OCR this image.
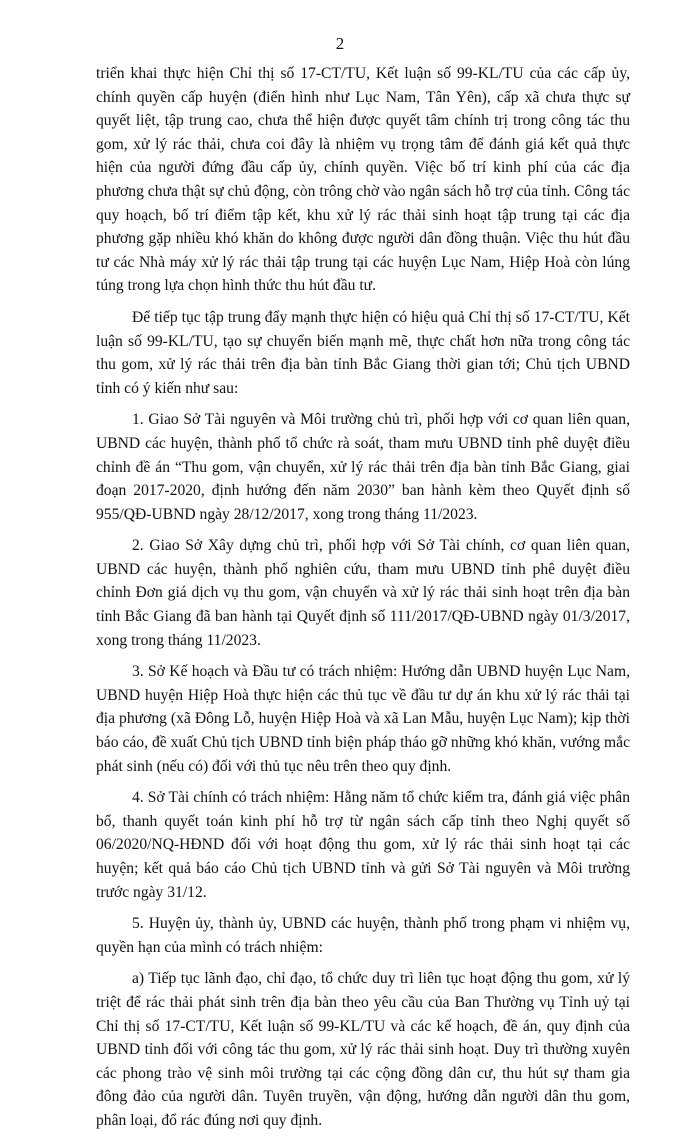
2

triển khai thực hiện Chỉ thị số 17-CT/TU, Kết luận số 99-KL/TU của các cấp ủy, chính quyền cấp huyện (điển hình như Lục Nam, Tân Yên), cấp xã chưa thực sự quyết liệt, tập trung cao, chưa thể hiện được quyết tâm chính trị trong công tác thu gom, xử lý rác thải, chưa coi đây là nhiệm vụ trọng tâm để đánh giá kết quả thực hiện của người đứng đầu cấp ủy, chính quyền. Việc bố trí kinh phí của các địa phương chưa thật sự chủ động, còn trông chờ vào ngân sách hỗ trợ của tỉnh. Công tác quy hoạch, bố trí điểm tập kết, khu xử lý rác thải sinh hoạt tập trung tại các địa phương gặp nhiều khó khăn do không được người dân đồng thuận. Việc thu hút đầu tư các Nhà máy xử lý rác thải tập trung tại các huyện Lục Nam, Hiệp Hoà còn lúng túng trong lựa chọn hình thức thu hút đầu tư.

Để tiếp tục tập trung đẩy mạnh thực hiện có hiệu quả Chỉ thị số 17-CT/TU, Kết luận số 99-KL/TU, tạo sự chuyển biến mạnh mẽ, thực chất hơn nữa trong công tác thu gom, xử lý rác thải trên địa bàn tỉnh Bắc Giang thời gian tới; Chủ tịch UBND tỉnh có ý kiến như sau:

1. Giao Sở Tài nguyên và Môi trường chủ trì, phối hợp với cơ quan liên quan, UBND các huyện, thành phố tổ chức rà soát, tham mưu UBND tỉnh phê duyệt điều chỉnh đề án “Thu gom, vận chuyển, xử lý rác thải trên địa bàn tỉnh Bắc Giang, giai đoạn 2017-2020, định hướng đến năm 2030” ban hành kèm theo Quyết định số 955/QĐ-UBND ngày 28/12/2017, xong trong tháng 11/2023.

2. Giao Sở Xây dựng chủ trì, phối hợp với Sở Tài chính, cơ quan liên quan, UBND các huyện, thành phố nghiên cứu, tham mưu UBND tỉnh phê duyệt điều chỉnh Đơn giá dịch vụ thu gom, vận chuyển và xử lý rác thải sinh hoạt trên địa bàn tỉnh Bắc Giang đã ban hành tại Quyết định số 111/2017/QĐ-UBND ngày 01/3/2017, xong trong tháng 11/2023.

3. Sở Kế hoạch và Đầu tư có trách nhiệm: Hướng dẫn UBND huyện Lục Nam, UBND huyện Hiệp Hoà thực hiện các thủ tục về đầu tư dự án khu xử lý rác thải tại địa phương (xã Đông Lỗ, huyện Hiệp Hoà và xã Lan Mẫu, huyện Lục Nam); kịp thời báo cáo, đề xuất Chủ tịch UBND tỉnh biện pháp tháo gỡ những khó khăn, vướng mắc phát sinh (nếu có) đối với thủ tục nêu trên theo quy định.

4. Sở Tài chính có trách nhiệm: Hằng năm tổ chức kiểm tra, đánh giá việc phân bổ, thanh quyết toán kinh phí hỗ trợ từ ngân sách cấp tỉnh theo Nghị quyết số 06/2020/NQ-HĐND đối với hoạt động thu gom, xử lý rác thải sinh hoạt tại các huyện; kết quả báo cáo Chủ tịch UBND tỉnh và gửi Sở Tài nguyên và Môi trường trước ngày 31/12.

5. Huyện ủy, thành ủy, UBND các huyện, thành phố trong phạm vi nhiệm vụ, quyền hạn của mình có trách nhiệm:

a) Tiếp tục lãnh đạo, chỉ đạo, tổ chức duy trì liên tục hoạt động thu gom, xử lý triệt để rác thải phát sinh trên địa bàn theo yêu cầu của Ban Thường vụ Tỉnh uỷ tại Chỉ thị số 17-CT/TU, Kết luận số 99-KL/TU và các kế hoạch, đề án, quy định của UBND tỉnh đối với công tác thu gom, xử lý rác thải sinh hoạt. Duy trì thường xuyên các phong trào vệ sinh môi trường tại các cộng đồng dân cư, thu hút sự tham gia đông đảo của người dân. Tuyên truyền, vận động, hướng dẫn người dân thu gom, phân loại, đổ rác đúng nơi quy định.
